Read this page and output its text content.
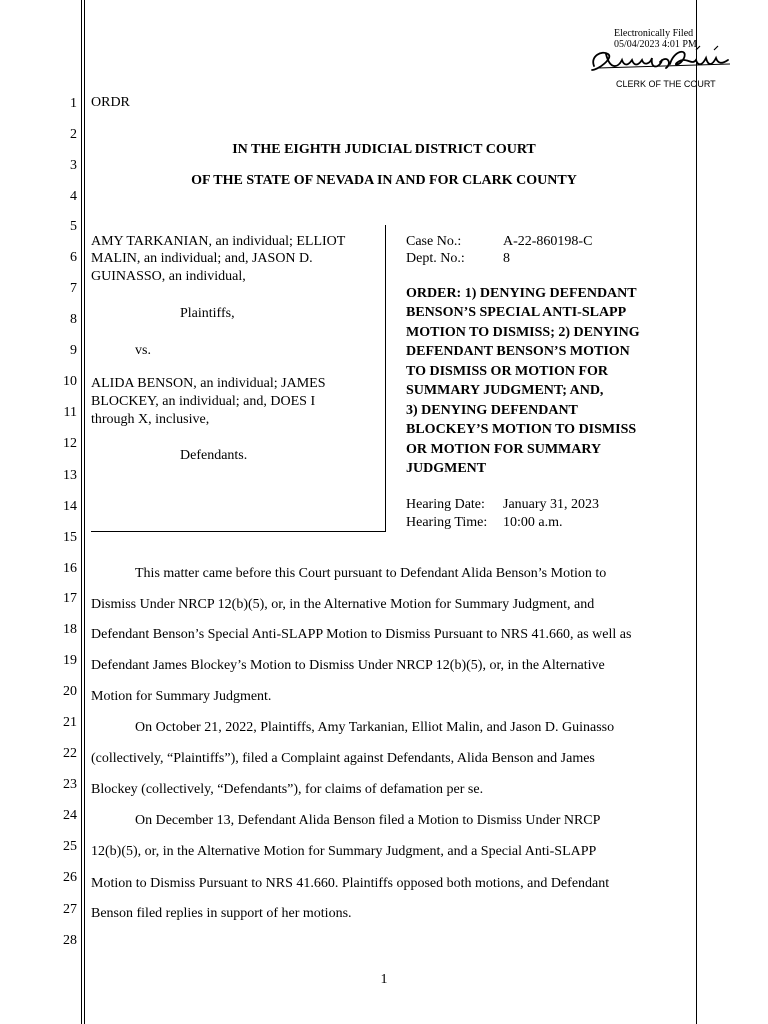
Electronically Filed
05/04/2023 4:01 PM
CLERK OF THE COURT
1
2
3
4
5
6
7
8
9
10
11
12
13
14
15
16
17
18
19
20
21
22
23
24
25
26
27
28
ORDR
IN THE EIGHTH JUDICIAL DISTRICT COURT
OF THE STATE OF NEVADA IN AND FOR CLARK COUNTY
AMY TARKANIAN, an individual; ELLIOT
MALIN, an individual; and, JASON D.
GUINASSO, an individual,
Plaintiffs,
vs.
ALIDA BENSON, an individual; JAMES
BLOCKEY, an individual; and, DOES I
through X, inclusive,
Defendants.
Case No.:	A-22-860198-C
Dept. No.:	8
ORDER: 1) DENYING DEFENDANT
BENSON’S SPECIAL ANTI-SLAPP
MOTION TO DISMISS; 2) DENYING
DEFENDANT BENSON’S MOTION
TO DISMISS OR MOTION FOR
SUMMARY JUDGMENT; AND,
3) DENYING DEFENDANT
BLOCKEY’S MOTION TO DISMISS
OR MOTION FOR SUMMARY
JUDGMENT
Hearing Date: January 31, 2023
Hearing Time: 10:00 a.m.
This matter came before this Court pursuant to Defendant Alida Benson’s Motion to
Dismiss Under NRCP 12(b)(5), or, in the Alternative Motion for Summary Judgment, and
Defendant Benson’s Special Anti-SLAPP Motion to Dismiss Pursuant to NRS 41.660, as well as
Defendant James Blockey’s Motion to Dismiss Under NRCP 12(b)(5), or, in the Alternative
Motion for Summary Judgment.
On October 21, 2022, Plaintiffs, Amy Tarkanian, Elliot Malin, and Jason D. Guinasso
(collectively, “Plaintiffs”), filed a Complaint against Defendants, Alida Benson and James
Blockey (collectively, “Defendants”), for claims of defamation per se.
On December 13, Defendant Alida Benson filed a Motion to Dismiss Under NRCP
12(b)(5), or, in the Alternative Motion for Summary Judgment, and a Special Anti-SLAPP
Motion to Dismiss Pursuant to NRS 41.660. Plaintiffs opposed both motions, and Defendant
Benson filed replies in support of her motions.
1
